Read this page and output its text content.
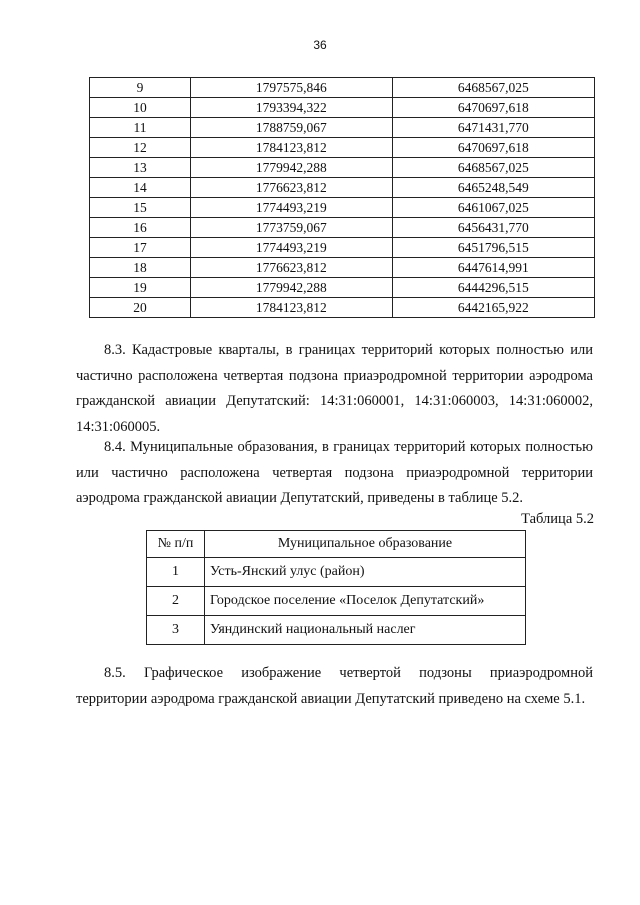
36
9	1797575,846	6468567,025
10	1793394,322	6470697,618
11	1788759,067	6471431,770
12	1784123,812	6470697,618
13	1779942,288	6468567,025
14	1776623,812	6465248,549
15	1774493,219	6461067,025
16	1773759,067	6456431,770
17	1774493,219	6451796,515
18	1776623,812	6447614,991
19	1779942,288	6444296,515
20	1784123,812	6442165,922
8.3. Кадастровые кварталы, в границах территорий которых полностью или частично расположена четвертая подзона приаэродромной территории аэродрома гражданской авиации Депутатский: 14:31:060001, 14:31:060003, 14:31:060002, 14:31:060005.
8.4. Муниципальные образования, в границах территорий которых полностью или частично расположена четвертая подзона приаэродромной территории аэродрома гражданской авиации Депутатский, приведены в таблице 5.2.
Таблица 5.2
№ п/п	Муниципальное образование
1	Усть-Янский улус (район)
2	Городское поселение «Поселок Депутатский»
3	Уяндинский национальный наслег
8.5. Графическое изображение четвертой подзоны приаэродромной территории аэродрома гражданской авиации Депутатский приведено на схеме 5.1.
